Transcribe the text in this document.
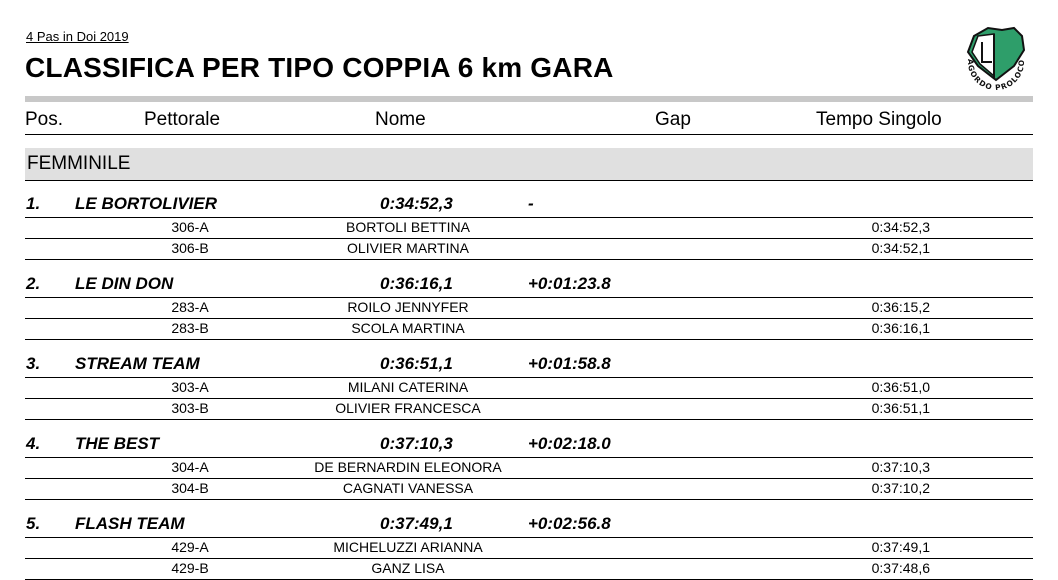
4 Pas in Doi 2019
CLASSIFICA PER TIPO COPPIA 6 km GARA	AGORDO PROLOCO
Pos.	Pettorale	Nome	Gap	Tempo Singolo
FEMMINILE
1. LE BORTOLIVIER	0:34:52,3	-
306-A	BORTOLI BETTINA	0:34:52,3
306-B	OLIVIER MARTINA	0:34:52,1
2. LE DIN DON	0:36:16,1	+0:01:23.8
283-A	ROILO JENNYFER	0:36:15,2
283-B	SCOLA MARTINA	0:36:16,1
3. STREAM TEAM	0:36:51,1	+0:01:58.8
303-A	MILANI CATERINA	0:36:51,0
303-B	OLIVIER FRANCESCA	0:36:51,1
4. THE BEST	0:37:10,3	+0:02:18.0
304-A	DE BERNARDIN ELEONORA	0:37:10,3
304-B	CAGNATI VANESSA	0:37:10,2
5. FLASH TEAM	0:37:49,1	+0:02:56.8
429-A	MICHELUZZI ARIANNA	0:37:49,1
429-B	GANZ LISA	0:37:48,6
